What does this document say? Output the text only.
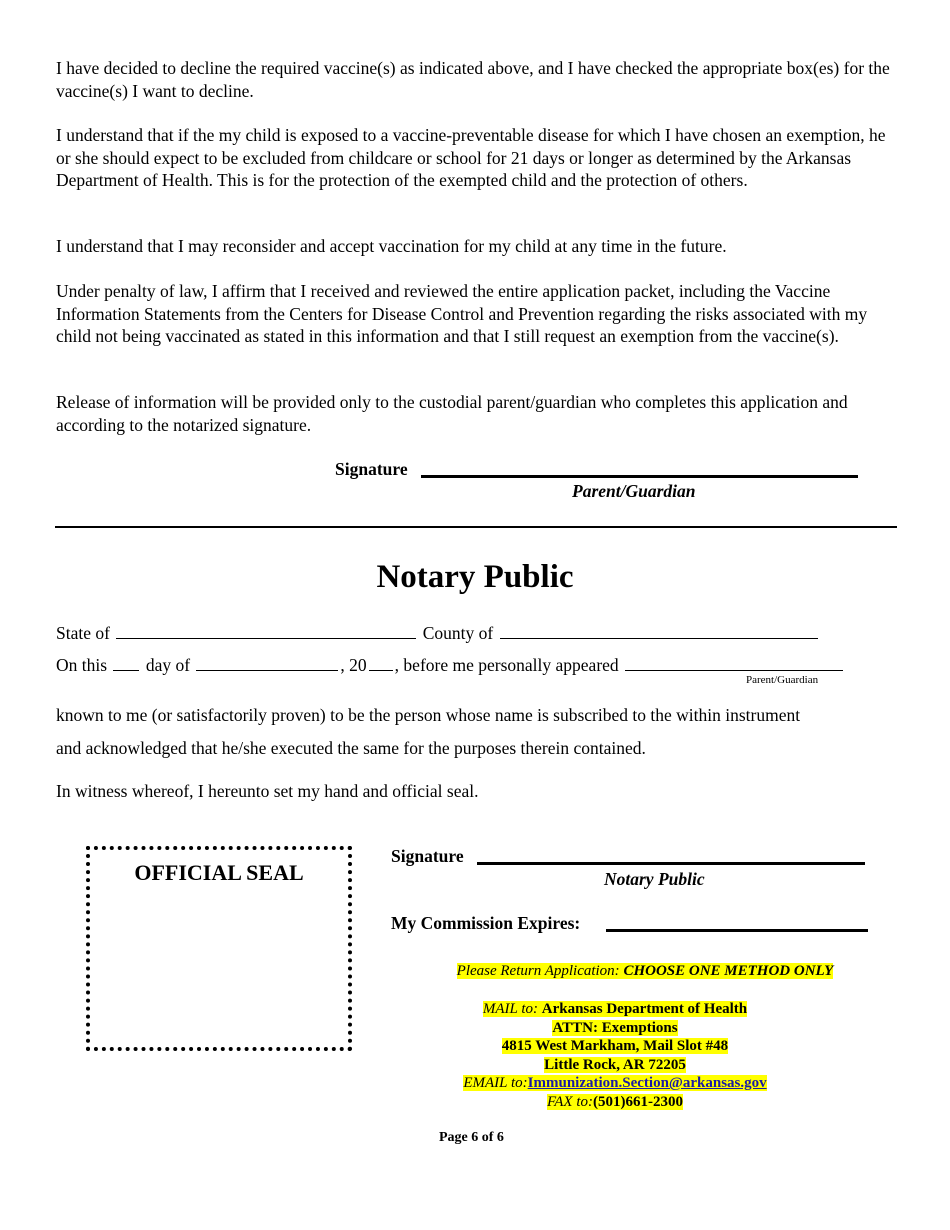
I have decided to decline the required vaccine(s) as indicated above, and I have checked the appropriate box(es) for the vaccine(s) I want to decline.

I understand that if the my child is exposed to a vaccine-preventable disease for which I have chosen an exemption, he or she should expect to be excluded from childcare or school for 21 days or longer as determined by the Arkansas Department of Health. This is for the protection of the exempted child and the protection of others.

I understand that I may reconsider and accept vaccination for my child at any time in the future.

Under penalty of law, I affirm that I received and reviewed the entire application packet, including the Vaccine Information Statements from the Centers for Disease Control and Prevention regarding the risks associated with my child not being vaccinated as stated in this information and that I still request an exemption from the vaccine(s).

Release of information will be provided only to the custodial parent/guardian who completes this application and according to the notarized signature.

Signature
Parent/Guardian
Notary Public
State of	County of
On this day of	, 20 , before me personally appeared
Parent/Guardian
known to me (or satisfactorily proven) to be the person whose name is subscribed to the within instrument
and acknowledged that he/she executed the same for the purposes therein contained.
In witness whereof, I hereunto set my hand and official seal.
OFFICIAL SEAL
Signature
Notary Public
My Commission Expires:
Please Return Application: CHOOSE ONE METHOD ONLY
MAIL to: Arkansas Department of Health
ATTN: Exemptions
4815 West Markham, Mail Slot #48
Little Rock, AR 72205
EMAIL to:Immunization.Section@arkansas.gov
FAX to:(501)661-2300
Page 6 of 6
